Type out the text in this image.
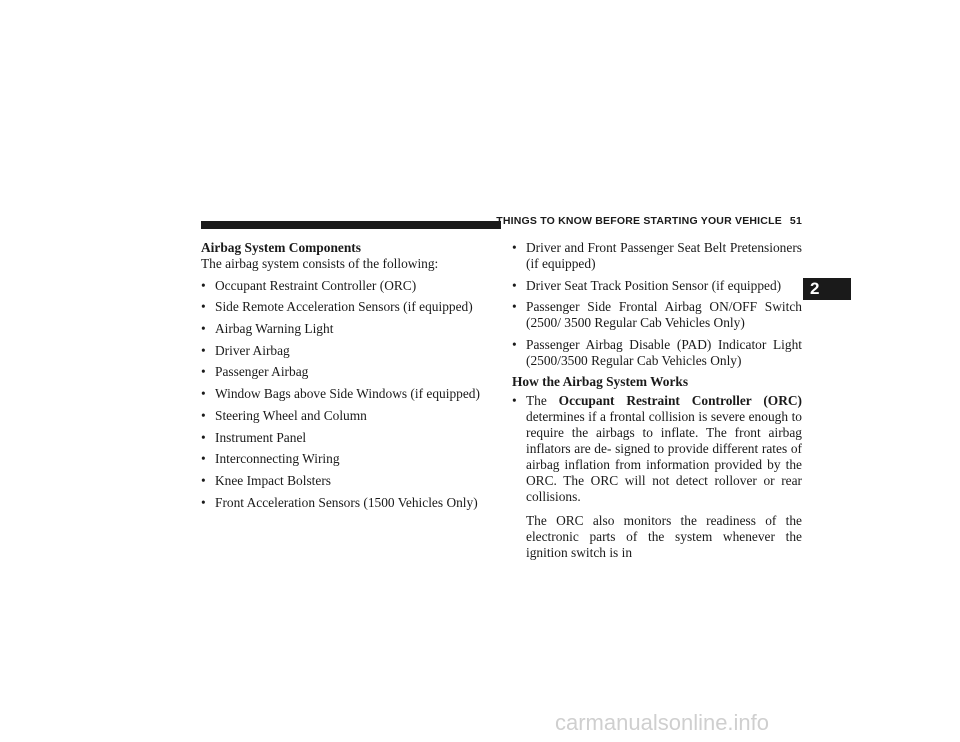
THINGS TO KNOW BEFORE STARTING YOUR VEHICLE 51
2
Airbag System Components
The airbag system consists of the following:
• Occupant Restraint Controller (ORC)
• Side Remote Acceleration Sensors (if equipped)
• Airbag Warning Light
• Driver Airbag
• Passenger Airbag
• Window Bags above Side Windows (if equipped)
• Steering Wheel and Column
• Instrument Panel
• Interconnecting Wiring
• Knee Impact Bolsters
• Front Acceleration Sensors (1500 Vehicles Only)
• Driver and Front Passenger Seat Belt Pretensioners (if equipped)
• Driver Seat Track Position Sensor (if equipped)
• Passenger Side Frontal Airbag ON/OFF Switch (2500/ 3500 Regular Cab Vehicles Only)
• Passenger Airbag Disable (PAD) Indicator Light (2500/3500 Regular Cab Vehicles Only)
How the Airbag System Works
• The Occupant Restraint Controller (ORC) determines if a frontal collision is severe enough to require the airbags to inflate. The front airbag inflators are de- signed to provide different rates of airbag inflation from information provided by the ORC. The ORC will not detect rollover or rear collisions.
The ORC also monitors the readiness of the electronic parts of the system whenever the ignition switch is in
carmanualsonline.info
